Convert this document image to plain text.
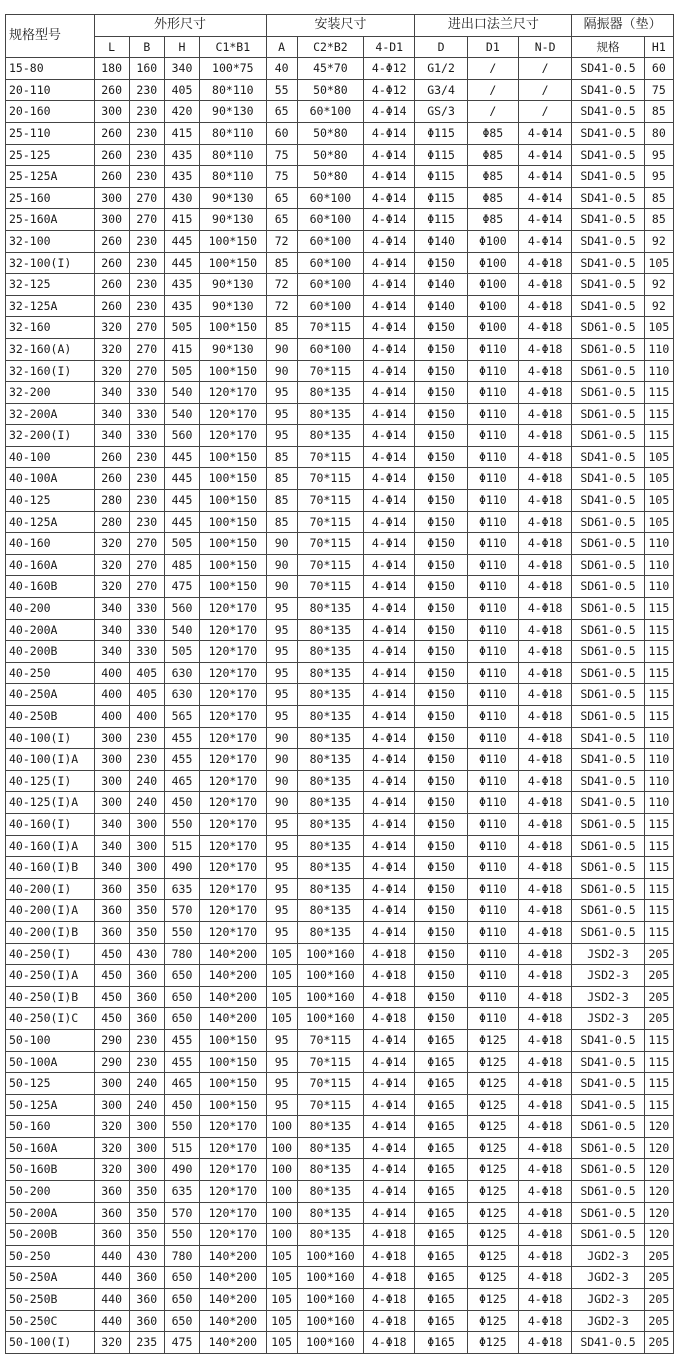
规格型号	外形尺寸				安装尺寸			进出口法兰尺寸			隔振器（垫）	
	L	B	H	C1*B1	A	C2*B2	4-D1	D	D1	N-D	规格	H1
15-80	180	160	340	100*75	40	45*70	4-Φ12	G1/2	/	/	SD41-0.5	60
20-110	260	230	405	80*110	55	50*80	4-Φ12	G3/4	/	/	SD41-0.5	75
20-160	300	230	420	90*130	65	60*100	4-Φ14	GS/3	/	/	SD41-0.5	85
25-110	260	230	415	80*110	60	50*80	4-Φ14	Φ115	Φ85	4-Φ14	SD41-0.5	80
25-125	260	230	435	80*110	75	50*80	4-Φ14	Φ115	Φ85	4-Φ14	SD41-0.5	95
25-125A	260	230	435	80*110	75	50*80	4-Φ14	Φ115	Φ85	4-Φ14	SD41-0.5	95
25-160	300	270	430	90*130	65	60*100	4-Φ14	Φ115	Φ85	4-Φ14	SD41-0.5	85
25-160A	300	270	415	90*130	65	60*100	4-Φ14	Φ115	Φ85	4-Φ14	SD41-0.5	85
32-100	260	230	445	100*150	72	60*100	4-Φ14	Φ140	Φ100	4-Φ14	SD41-0.5	92
32-100(I)	260	230	445	100*150	85	60*100	4-Φ14	Φ150	Φ100	4-Φ18	SD41-0.5	105
32-125	260	230	435	90*130	72	60*100	4-Φ14	Φ140	Φ100	4-Φ18	SD41-0.5	92
32-125A	260	230	435	90*130	72	60*100	4-Φ14	Φ140	Φ100	4-Φ18	SD41-0.5	92
32-160	320	270	505	100*150	85	70*115	4-Φ14	Φ150	Φ100	4-Φ18	SD61-0.5	105
32-160(A)	320	270	415	90*130	90	60*100	4-Φ14	Φ150	Φ110	4-Φ18	SD61-0.5	110
32-160(I)	320	270	505	100*150	90	70*115	4-Φ14	Φ150	Φ110	4-Φ18	SD61-0.5	110
32-200	340	330	540	120*170	95	80*135	4-Φ14	Φ150	Φ110	4-Φ18	SD61-0.5	115
32-200A	340	330	540	120*170	95	80*135	4-Φ14	Φ150	Φ110	4-Φ18	SD61-0.5	115
32-200(I)	340	330	560	120*170	95	80*135	4-Φ14	Φ150	Φ110	4-Φ18	SD61-0.5	115
40-100	260	230	445	100*150	85	70*115	4-Φ14	Φ150	Φ110	4-Φ18	SD41-0.5	105
40-100A	260	230	445	100*150	85	70*115	4-Φ14	Φ150	Φ110	4-Φ18	SD41-0.5	105
40-125	280	230	445	100*150	85	70*115	4-Φ14	Φ150	Φ110	4-Φ18	SD41-0.5	105
40-125A	280	230	445	100*150	85	70*115	4-Φ14	Φ150	Φ110	4-Φ18	SD61-0.5	105
40-160	320	270	505	100*150	90	70*115	4-Φ14	Φ150	Φ110	4-Φ18	SD61-0.5	110
40-160A	320	270	485	100*150	90	70*115	4-Φ14	Φ150	Φ110	4-Φ18	SD61-0.5	110
40-160B	320	270	475	100*150	90	70*115	4-Φ14	Φ150	Φ110	4-Φ18	SD61-0.5	110
40-200	340	330	560	120*170	95	80*135	4-Φ14	Φ150	Φ110	4-Φ18	SD61-0.5	115
40-200A	340	330	540	120*170	95	80*135	4-Φ14	Φ150	Φ110	4-Φ18	SD61-0.5	115
40-200B	340	330	505	120*170	95	80*135	4-Φ14	Φ150	Φ110	4-Φ18	SD61-0.5	115
40-250	400	405	630	120*170	95	80*135	4-Φ14	Φ150	Φ110	4-Φ18	SD61-0.5	115
40-250A	400	405	630	120*170	95	80*135	4-Φ14	Φ150	Φ110	4-Φ18	SD61-0.5	115
40-250B	400	400	565	120*170	95	80*135	4-Φ14	Φ150	Φ110	4-Φ18	SD61-0.5	115
40-100(I)	300	230	455	120*170	90	80*135	4-Φ14	Φ150	Φ110	4-Φ18	SD41-0.5	110
40-100(I)A	300	230	455	120*170	90	80*135	4-Φ14	Φ150	Φ110	4-Φ18	SD41-0.5	110
40-125(I)	300	240	465	120*170	90	80*135	4-Φ14	Φ150	Φ110	4-Φ18	SD41-0.5	110
40-125(I)A	300	240	450	120*170	90	80*135	4-Φ14	Φ150	Φ110	4-Φ18	SD41-0.5	110
40-160(I)	340	300	550	120*170	95	80*135	4-Φ14	Φ150	Φ110	4-Φ18	SD61-0.5	115
40-160(I)A	340	300	515	120*170	95	80*135	4-Φ14	Φ150	Φ110	4-Φ18	SD61-0.5	115
40-160(I)B	340	300	490	120*170	95	80*135	4-Φ14	Φ150	Φ110	4-Φ18	SD61-0.5	115
40-200(I)	360	350	635	120*170	95	80*135	4-Φ14	Φ150	Φ110	4-Φ18	SD61-0.5	115
40-200(I)A	360	350	570	120*170	95	80*135	4-Φ14	Φ150	Φ110	4-Φ18	SD61-0.5	115
40-200(I)B	360	350	550	120*170	95	80*135	4-Φ14	Φ150	Φ110	4-Φ18	SD61-0.5	115
40-250(I)	450	430	780	140*200	105	100*160	4-Φ18	Φ150	Φ110	4-Φ18	JSD2-3	205
40-250(I)A	450	360	650	140*200	105	100*160	4-Φ18	Φ150	Φ110	4-Φ18	JSD2-3	205
40-250(I)B	450	360	650	140*200	105	100*160	4-Φ18	Φ150	Φ110	4-Φ18	JSD2-3	205
40-250(I)C	450	360	650	140*200	105	100*160	4-Φ18	Φ150	Φ110	4-Φ18	JSD2-3	205
50-100	290	230	455	100*150	95	70*115	4-Φ14	Φ165	Φ125	4-Φ18	SD41-0.5	115
50-100A	290	230	455	100*150	95	70*115	4-Φ14	Φ165	Φ125	4-Φ18	SD41-0.5	115
50-125	300	240	465	100*150	95	70*115	4-Φ14	Φ165	Φ125	4-Φ18	SD41-0.5	115
50-125A	300	240	450	100*150	95	70*115	4-Φ14	Φ165	Φ125	4-Φ18	SD41-0.5	115
50-160	320	300	550	120*170	100	80*135	4-Φ14	Φ165	Φ125	4-Φ18	SD61-0.5	120
50-160A	320	300	515	120*170	100	80*135	4-Φ14	Φ165	Φ125	4-Φ18	SD61-0.5	120
50-160B	320	300	490	120*170	100	80*135	4-Φ14	Φ165	Φ125	4-Φ18	SD61-0.5	120
50-200	360	350	635	120*170	100	80*135	4-Φ14	Φ165	Φ125	4-Φ18	SD61-0.5	120
50-200A	360	350	570	120*170	100	80*135	4-Φ14	Φ165	Φ125	4-Φ18	SD61-0.5	120
50-200B	360	350	550	120*170	100	80*135	4-Φ18	Φ165	Φ125	4-Φ18	SD61-0.5	120
50-250	440	430	780	140*200	105	100*160	4-Φ18	Φ165	Φ125	4-Φ18	JGD2-3	205
50-250A	440	360	650	140*200	105	100*160	4-Φ18	Φ165	Φ125	4-Φ18	JGD2-3	205
50-250B	440	360	650	140*200	105	100*160	4-Φ18	Φ165	Φ125	4-Φ18	JGD2-3	205
50-250C	440	360	650	140*200	105	100*160	4-Φ18	Φ165	Φ125	4-Φ18	JGD2-3	205
50-100(I)	320	235	475	140*200	105	100*160	4-Φ18	Φ165	Φ125	4-Φ18	SD41-0.5	205
